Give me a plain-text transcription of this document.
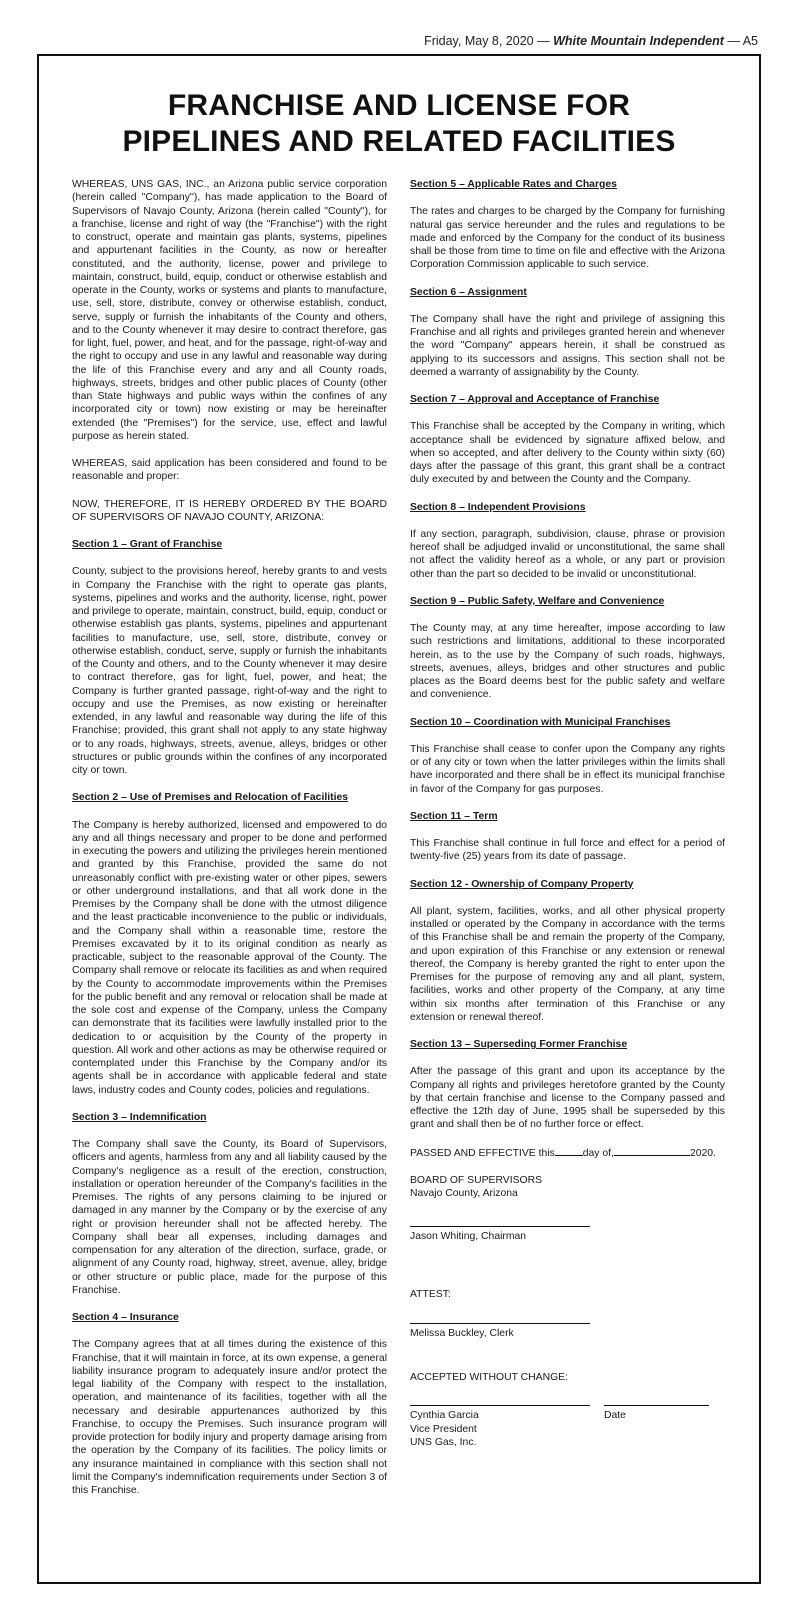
Friday, May 8, 2020 — White Mountain Independent — A5
FRANCHISE AND LICENSE FOR
PIPELINES AND RELATED FACILITIES

WHEREAS, UNS GAS, INC., an Arizona public service corporation (herein called ''Company''), has made application to the Board of Supervisors of Navajo County, Arizona (herein called "County"), for a franchise, license and right of way (the "Franchise") with the right to construct, operate and maintain gas plants, systems, pipelines and appurtenant facilities in the County, as now or hereafter constituted, and the authority, license, power and privilege to maintain, construct, build, equip, conduct or otherwise establish and operate in the County, works or systems and plants to manufacture, use, sell, store, distribute, convey or otherwise establish, conduct, serve, supply or furnish the inhabitants of the County and others, and to the County whenever it may desire to contract therefore, gas for light, fuel, power, and heat, and for the passage, right-of-way and the right to occupy and use in any lawful and reasonable way during the life of this Franchise every and any and all County roads, highways, streets, bridges and other public places of County (other than State highways and public ways within the confines of any incorporated city or town) now existing or may be hereinafter extended (the "Premises") for the service, use, effect and lawful purpose as herein stated.

WHEREAS, said application has been considered and found to be reasonable and proper:

NOW, THEREFORE, IT IS HEREBY ORDERED BY THE BOARD OF SUPERVISORS OF NAVAJO COUNTY, ARIZONA:

Section 1 – Grant of Franchise

County, subject to the provisions hereof, hereby grants to and vests in Company the Franchise with the right to operate gas plants, systems, pipelines and works and the authority, license, right, power and privilege to operate, maintain, construct, build, equip, conduct or otherwise establish gas plants, systems, pipelines and appurtenant facilities to manufacture, use, sell, store, distribute, convey or otherwise establish, conduct, serve, supply or furnish the inhabitants of the County and others, and to the County whenever it may desire to contract therefore, gas for light, fuel, power, and heat; the Company is further granted passage, right-of-way and the right to occupy and use the Premises, as now existing or hereinafter extended, in any lawful and reasonable way during the life of this Franchise; provided, this grant shall not apply to any state highway or to any roads, highways, streets, avenue, alleys, bridges or other structures or public grounds within the confines of any incorporated city or town.

Section 2 – Use of Premises and Relocation of Facilities

The Company is hereby authorized, licensed and empowered to do any and all things necessary and proper to be done and performed in executing the powers and utilizing the privileges herein mentioned and granted by this Franchise, provided the same do not unreasonably conflict with pre-existing water or other pipes, sewers or other underground installations, and that all work done in the Premises by the Company shall be done with the utmost diligence and the least practicable inconvenience to the public or individuals, and the Company shall within a reasonable time, restore the Premises excavated by it to its original condition as nearly as practicable, subject to the reasonable approval of the County. The Company shall remove or relocate its facilities as and when required by the County to accommodate improvements within the Premises for the public benefit and any removal or relocation shall be made at the sole cost and expense of the Company, unless the Company can demonstrate that its facilities were lawfully installed prior to the dedication to or acquisition by the County of the property in question. All work and other actions as may be otherwise required or contemplated under this Franchise by the Company and/or its agents shall be in accordance with applicable federal and state laws, industry codes and County codes, policies and regulations.

Section 3 – Indemnification

The Company shall save the County, its Board of Supervisors, officers and agents, harmless from any and all liability caused by the Company's negligence as a result of the erection, construction, installation or operation hereunder of the Company's facilities in the Premises. The rights of any persons claiming to be injured or damaged in any manner by the Company or by the exercise of any right or provision hereunder shall not be affected hereby. The Company shall bear all expenses, including damages and compensation for any alteration of the direction, surface, grade, or alignment of any County road, highway, street, avenue, alley, bridge or other structure or public place, made for the purpose of this Franchise.

Section 4 – Insurance

The Company agrees that at all times during the existence of this Franchise, that it will maintain in force, at its own expense, a general liability insurance program to adequately insure and/or protect the legal liability of the Company with respect to the installation, operation, and maintenance of its facilities, together with all the necessary and desirable appurtenances authorized by this Franchise, to occupy the Premises. Such insurance program will provide protection for bodily injury and property damage arising from the operation by the Company of its facilities. The policy limits or any insurance maintained in compliance with this section shall not limit the Company's indemnification requirements under Section 3 of this Franchise.

Section 5 – Applicable Rates and Charges

The rates and charges to be charged by the Company for furnishing natural gas service hereunder and the rules and regulations to be made and enforced by the Company for the conduct of its business shall be those from time to time on file and effective with the Arizona Corporation Commission applicable to such service.

Section 6 – Assignment

The Company shall have the right and privilege of assigning this Franchise and all rights and privileges granted herein and whenever the word "Company" appears herein, it shall be construed as applying to its successors and assigns. This section shall not be deemed a warranty of assignability by the County.

Section 7 – Approval and Acceptance of Franchise

This Franchise shall be accepted by the Company in writing, which acceptance shall be evidenced by signature affixed below, and when so accepted, and after delivery to the County within sixty (60) days after the passage of this grant, this grant shall be a contract duly executed by and between the County and the Company.

Section 8 – Independent Provisions

If any section, paragraph, subdivision, clause, phrase or provision hereof shall be adjudged invalid or unconstitutional, the same shall not affect the validity hereof as a whole, or any part or provision other than the part so decided to be invalid or unconstitutional.

Section 9 – Public Safety, Welfare and Convenience

The County may, at any time hereafter, impose according to law such restrictions and limitations, additional to these incorporated herein, as to the use by the Company of such roads, highways, streets, avenues, alleys, bridges and other structures and public places as the Board deems best for the public safety and welfare and convenience.

Section 10 – Coordination with Municipal Franchises

This Franchise shall cease to confer upon the Company any rights or of any city or town when the latter privileges within the limits shall have incorporated and there shall be in effect its municipal franchise in favor of the Company for gas purposes.

Section 11 – Term

This Franchise shall continue in full force and effect for a period of twenty-five (25) years from its date of passage.

Section 12 - Ownership of Company Property

All plant, system, facilities, works, and all other physical property installed or operated by the Company in accordance with the terms of this Franchise shall be and remain the property of the Company, and upon expiration of this Franchise or any extension or renewal thereof, the Company is hereby granted the right to enter upon the Premises for the purpose of removing any and all plant, system, facilities, works and other property of the Company, at any time within six months after termination of this Franchise or any extension or renewal thereof.

Section 13 – Superseding Former Franchise

After the passage of this grant and upon its acceptance by the Company all rights and privileges heretofore granted by the County by that certain franchise and license to the Company passed and effective the 12th day of June, 1995 shall be superseded by this grant and shall then be of no further force or effect.

PASSED AND EFFECTIVE this	day of,	2020.
BOARD OF SUPERVISORS
Navajo County, Arizona
Jason Whiting, Chairman
ATTEST:
Melissa Buckley, Clerk
ACCEPTED WITHOUT CHANGE:
Cynthia Garcia
Vice President
UNS Gas, Inc.
Date
